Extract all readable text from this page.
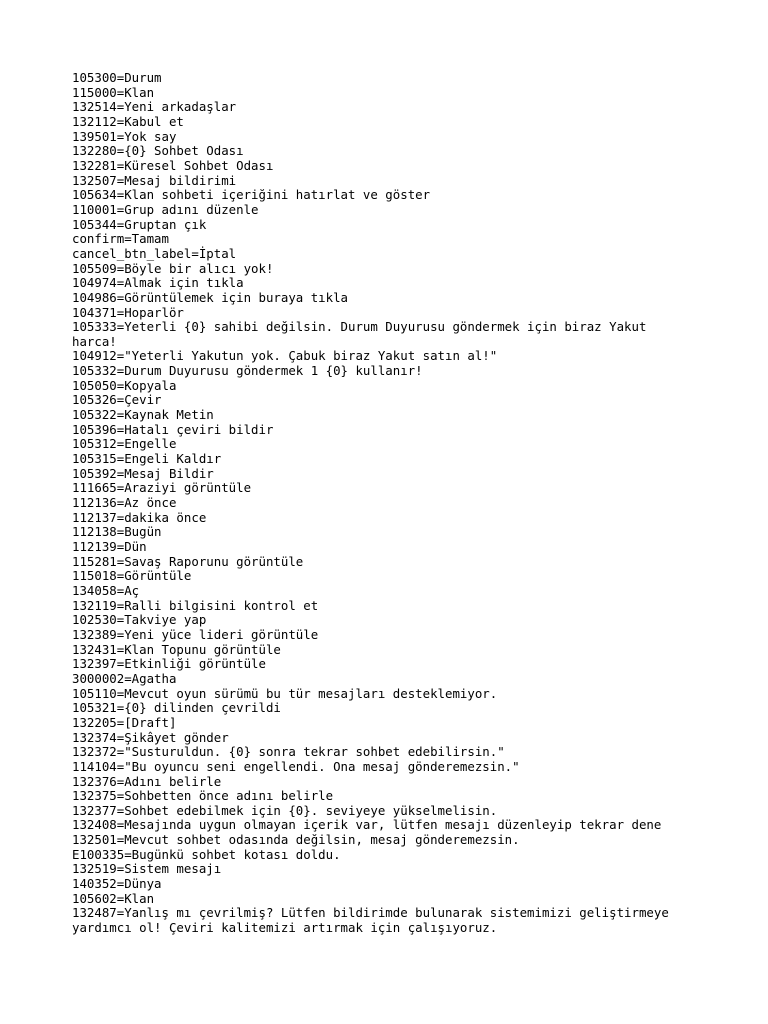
105300=Durum
115000=Klan
132514=Yeni arkadaşlar
132112=Kabul et
139501=Yok say
132280={0} Sohbet Odası
132281=Küresel Sohbet Odası
132507=Mesaj bildirimi
105634=Klan sohbeti içeriğini hatırlat ve göster
110001=Grup adını düzenle
105344=Gruptan çık
confirm=Tamam
cancel_btn_label=İptal
105509=Böyle bir alıcı yok!
104974=Almak için tıkla
104986=Görüntülemek için buraya tıkla
104371=Hoparlör
105333=Yeterli {0} sahibi değilsin. Durum Duyurusu göndermek için biraz Yakut
harca!
104912="Yeterli Yakutun yok. Çabuk biraz Yakut satın al!"
105332=Durum Duyurusu göndermek 1 {0} kullanır!
105050=Kopyala
105326=Çevir
105322=Kaynak Metin
105396=Hatalı çeviri bildir
105312=Engelle
105315=Engeli Kaldır
105392=Mesaj Bildir
111665=Araziyi görüntüle
112136=Az önce
112137=dakika önce
112138=Bugün
112139=Dün
115281=Savaş Raporunu görüntüle
115018=Görüntüle
134058=Aç
132119=Ralli bilgisini kontrol et
102530=Takviye yap
132389=Yeni yüce lideri görüntüle
132431=Klan Topunu görüntüle
132397=Etkinliği görüntüle
3000002=Agatha
105110=Mevcut oyun sürümü bu tür mesajları desteklemiyor.
105321={0} dilinden çevrildi
132205=[Draft]
132374=Şikâyet gönder
132372="Susturuldun. {0} sonra tekrar sohbet edebilirsin."
114104="Bu oyuncu seni engellendi. Ona mesaj gönderemezsin."
132376=Adını belirle
132375=Sohbetten önce adını belirle
132377=Sohbet edebilmek için {0}. seviyeye yükselmelisin.
132408=Mesajında uygun olmayan içerik var, lütfen mesajı düzenleyip tekrar dene
132501=Mevcut sohbet odasında değilsin, mesaj gönderemezsin.
E100335=Bugünkü sohbet kotası doldu.
132519=Sistem mesajı
140352=Dünya
105602=Klan
132487=Yanlış mı çevrilmiş? Lütfen bildirimde bulunarak sistemimizi geliştirmeye
yardımcı ol! Çeviri kalitemizi artırmak için çalışıyoruz.
